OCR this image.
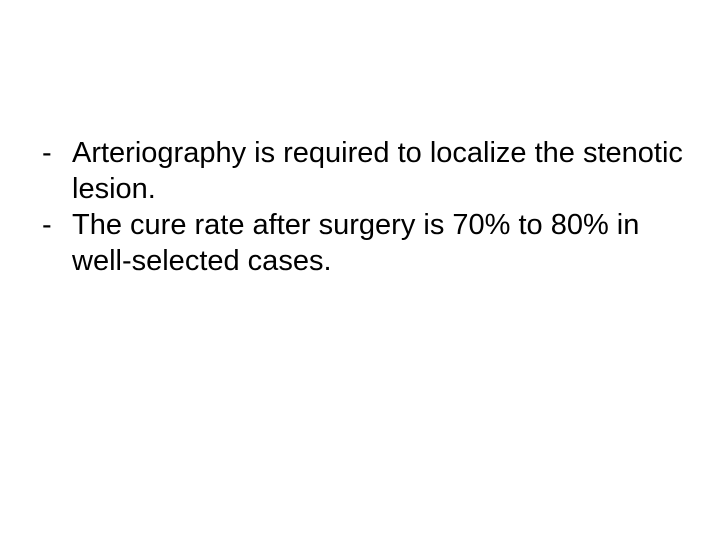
- Arteriography is required to localize the stenotic lesion.
- The cure rate after surgery is 70% to 80% in well-selected cases.
